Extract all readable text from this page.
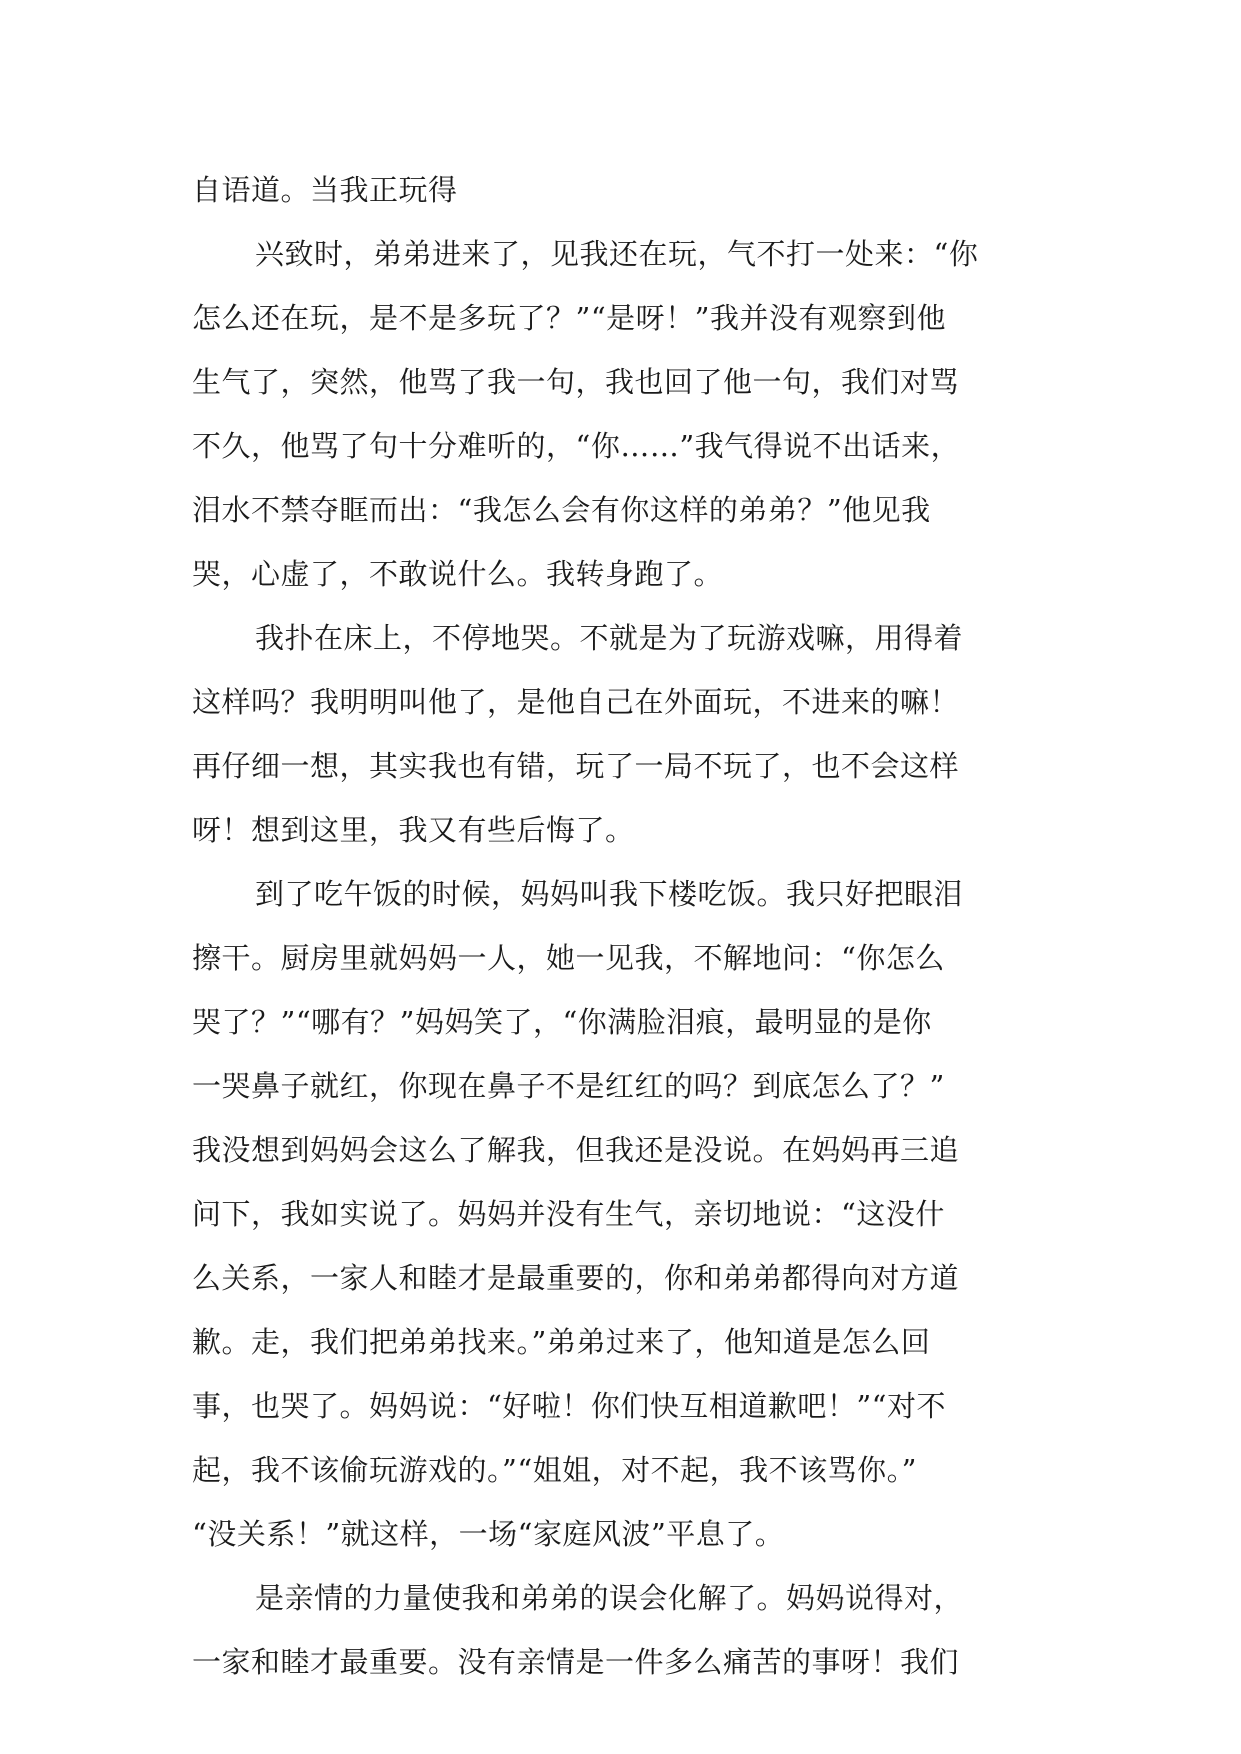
自语道。当我正玩得
兴致时，弟弟进来了，见我还在玩，气不打一处来：“你
怎么还在玩，是不是多玩了？”“是呀！”我并没有观察到他
生气了，突然，他骂了我一句，我也回了他一句，我们对骂
不久，他骂了句十分难听的，“你……”我气得说不出话来，
泪水不禁夺眶而出：“我怎么会有你这样的弟弟？”他见我
哭，心虚了，不敢说什么。我转身跑了。
我扑在床上，不停地哭。不就是为了玩游戏嘛，用得着
这样吗？我明明叫他了，是他自己在外面玩，不进来的嘛！
再仔细一想，其实我也有错，玩了一局不玩了，也不会这样
呀！想到这里，我又有些后悔了。
到了吃午饭的时候，妈妈叫我下楼吃饭。我只好把眼泪
擦干。厨房里就妈妈一人，她一见我，不解地问：“你怎么
哭了？”“哪有？”妈妈笑了，“你满脸泪痕，最明显的是你
一哭鼻子就红，你现在鼻子不是红红的吗？到底怎么了？”
我没想到妈妈会这么了解我，但我还是没说。在妈妈再三追
问下，我如实说了。妈妈并没有生气，亲切地说：“这没什
么关系，一家人和睦才是最重要的，你和弟弟都得向对方道
歉。走，我们把弟弟找来。”弟弟过来了，他知道是怎么回
事，也哭了。妈妈说：“好啦！你们快互相道歉吧！”“对不
起，我不该偷玩游戏的。”“姐姐，对不起，我不该骂你。”
“没关系！”就这样，一场“家庭风波”平息了。
是亲情的力量使我和弟弟的误会化解了。妈妈说得对，
一家和睦才最重要。没有亲情是一件多么痛苦的事呀！我们
